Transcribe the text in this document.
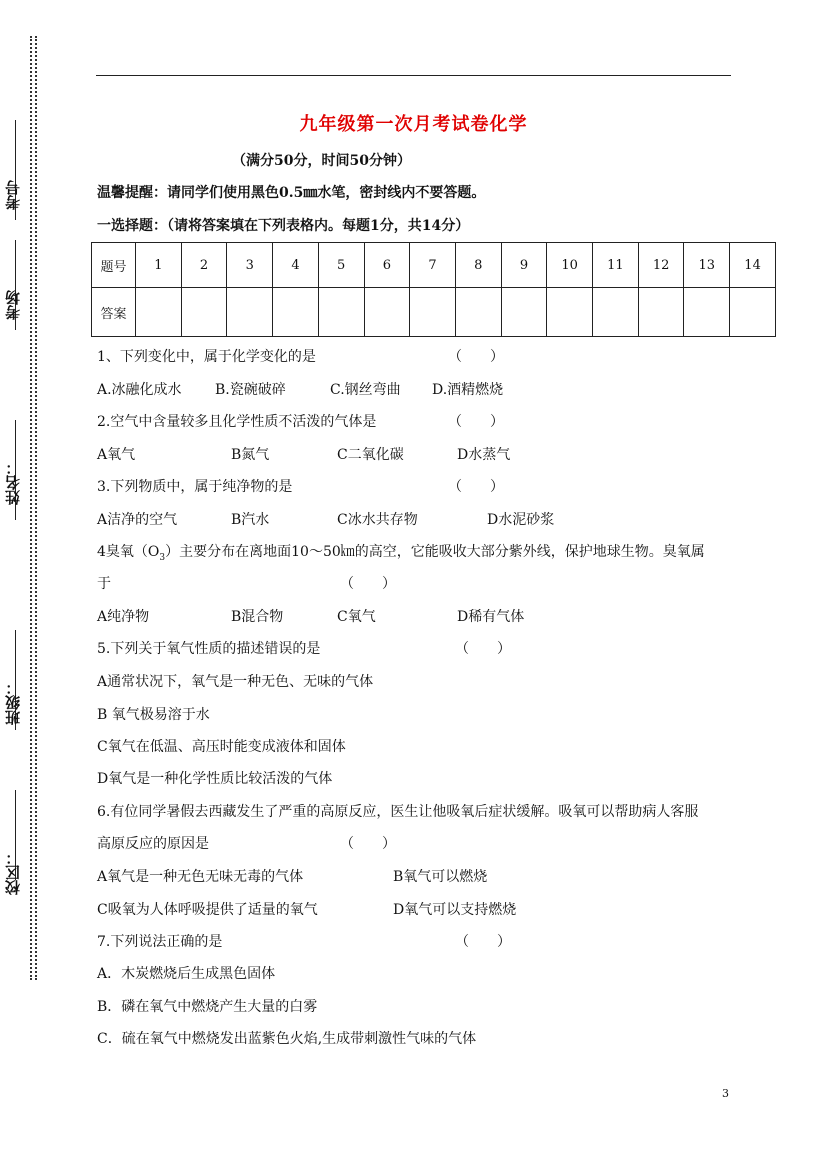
考号
考场
姓名：
班级：
校区：
九年级第一次月考试卷化学
（满分50分，时间50分钟）
温馨提醒：请同学们使用黑色0.5㎜水笔，密封线内不要答题。
一选择题：（请将答案填在下列表格内。每题1分，共14分）
题号	1	2	3	4	5	6	7	8	9	10	11	12	13	14
答案														
1、下列变化中，属于化学变化的是	（　　）
A.冰融化成水 B.瓷碗破碎	C.钢丝弯曲 D.酒精燃烧
2.空气中含量较多且化学性质不活泼的气体是	（　　）
A氧气	B氮气	C二氧化碳	D水蒸气
3.下列物质中，属于纯净物的是	（　　）
A洁净的空气	B汽水	C冰水共存物	D水泥砂浆
4臭氧$(O_3)$主要分布在离地面10～50㎞的高空，它能吸收大部分紫外线，保护地球生物。臭氧属
于	（　　）
A纯净物	B混合物	C氧气	D稀有气体
5.下列关于氧气性质的描述错误的是	（　　）
A通常状况下，氧气是一种无色、无味的气体
B 氧气极易溶于水
C氧气在低温、高压时能变成液体和固体
D氧气是一种化学性质比较活泼的气体
6.有位同学暑假去西藏发生了严重的高原反应，医生让他吸氧后症状缓解。吸氧可以帮助病人客服
高原反应的原因是	（　　）
A氧气是一种无色无味无毒的气体	B氧气可以燃烧
C吸氧为人体呼吸提供了适量的氧气	D氧气可以支持燃烧
7.下列说法正确的是	（　　）
A．木炭燃烧后生成黑色固体
B．磷在氧气中燃烧产生大量的白雾
C．硫在氧气中燃烧发出蓝紫色火焰,生成带刺激性气味的气体
3
